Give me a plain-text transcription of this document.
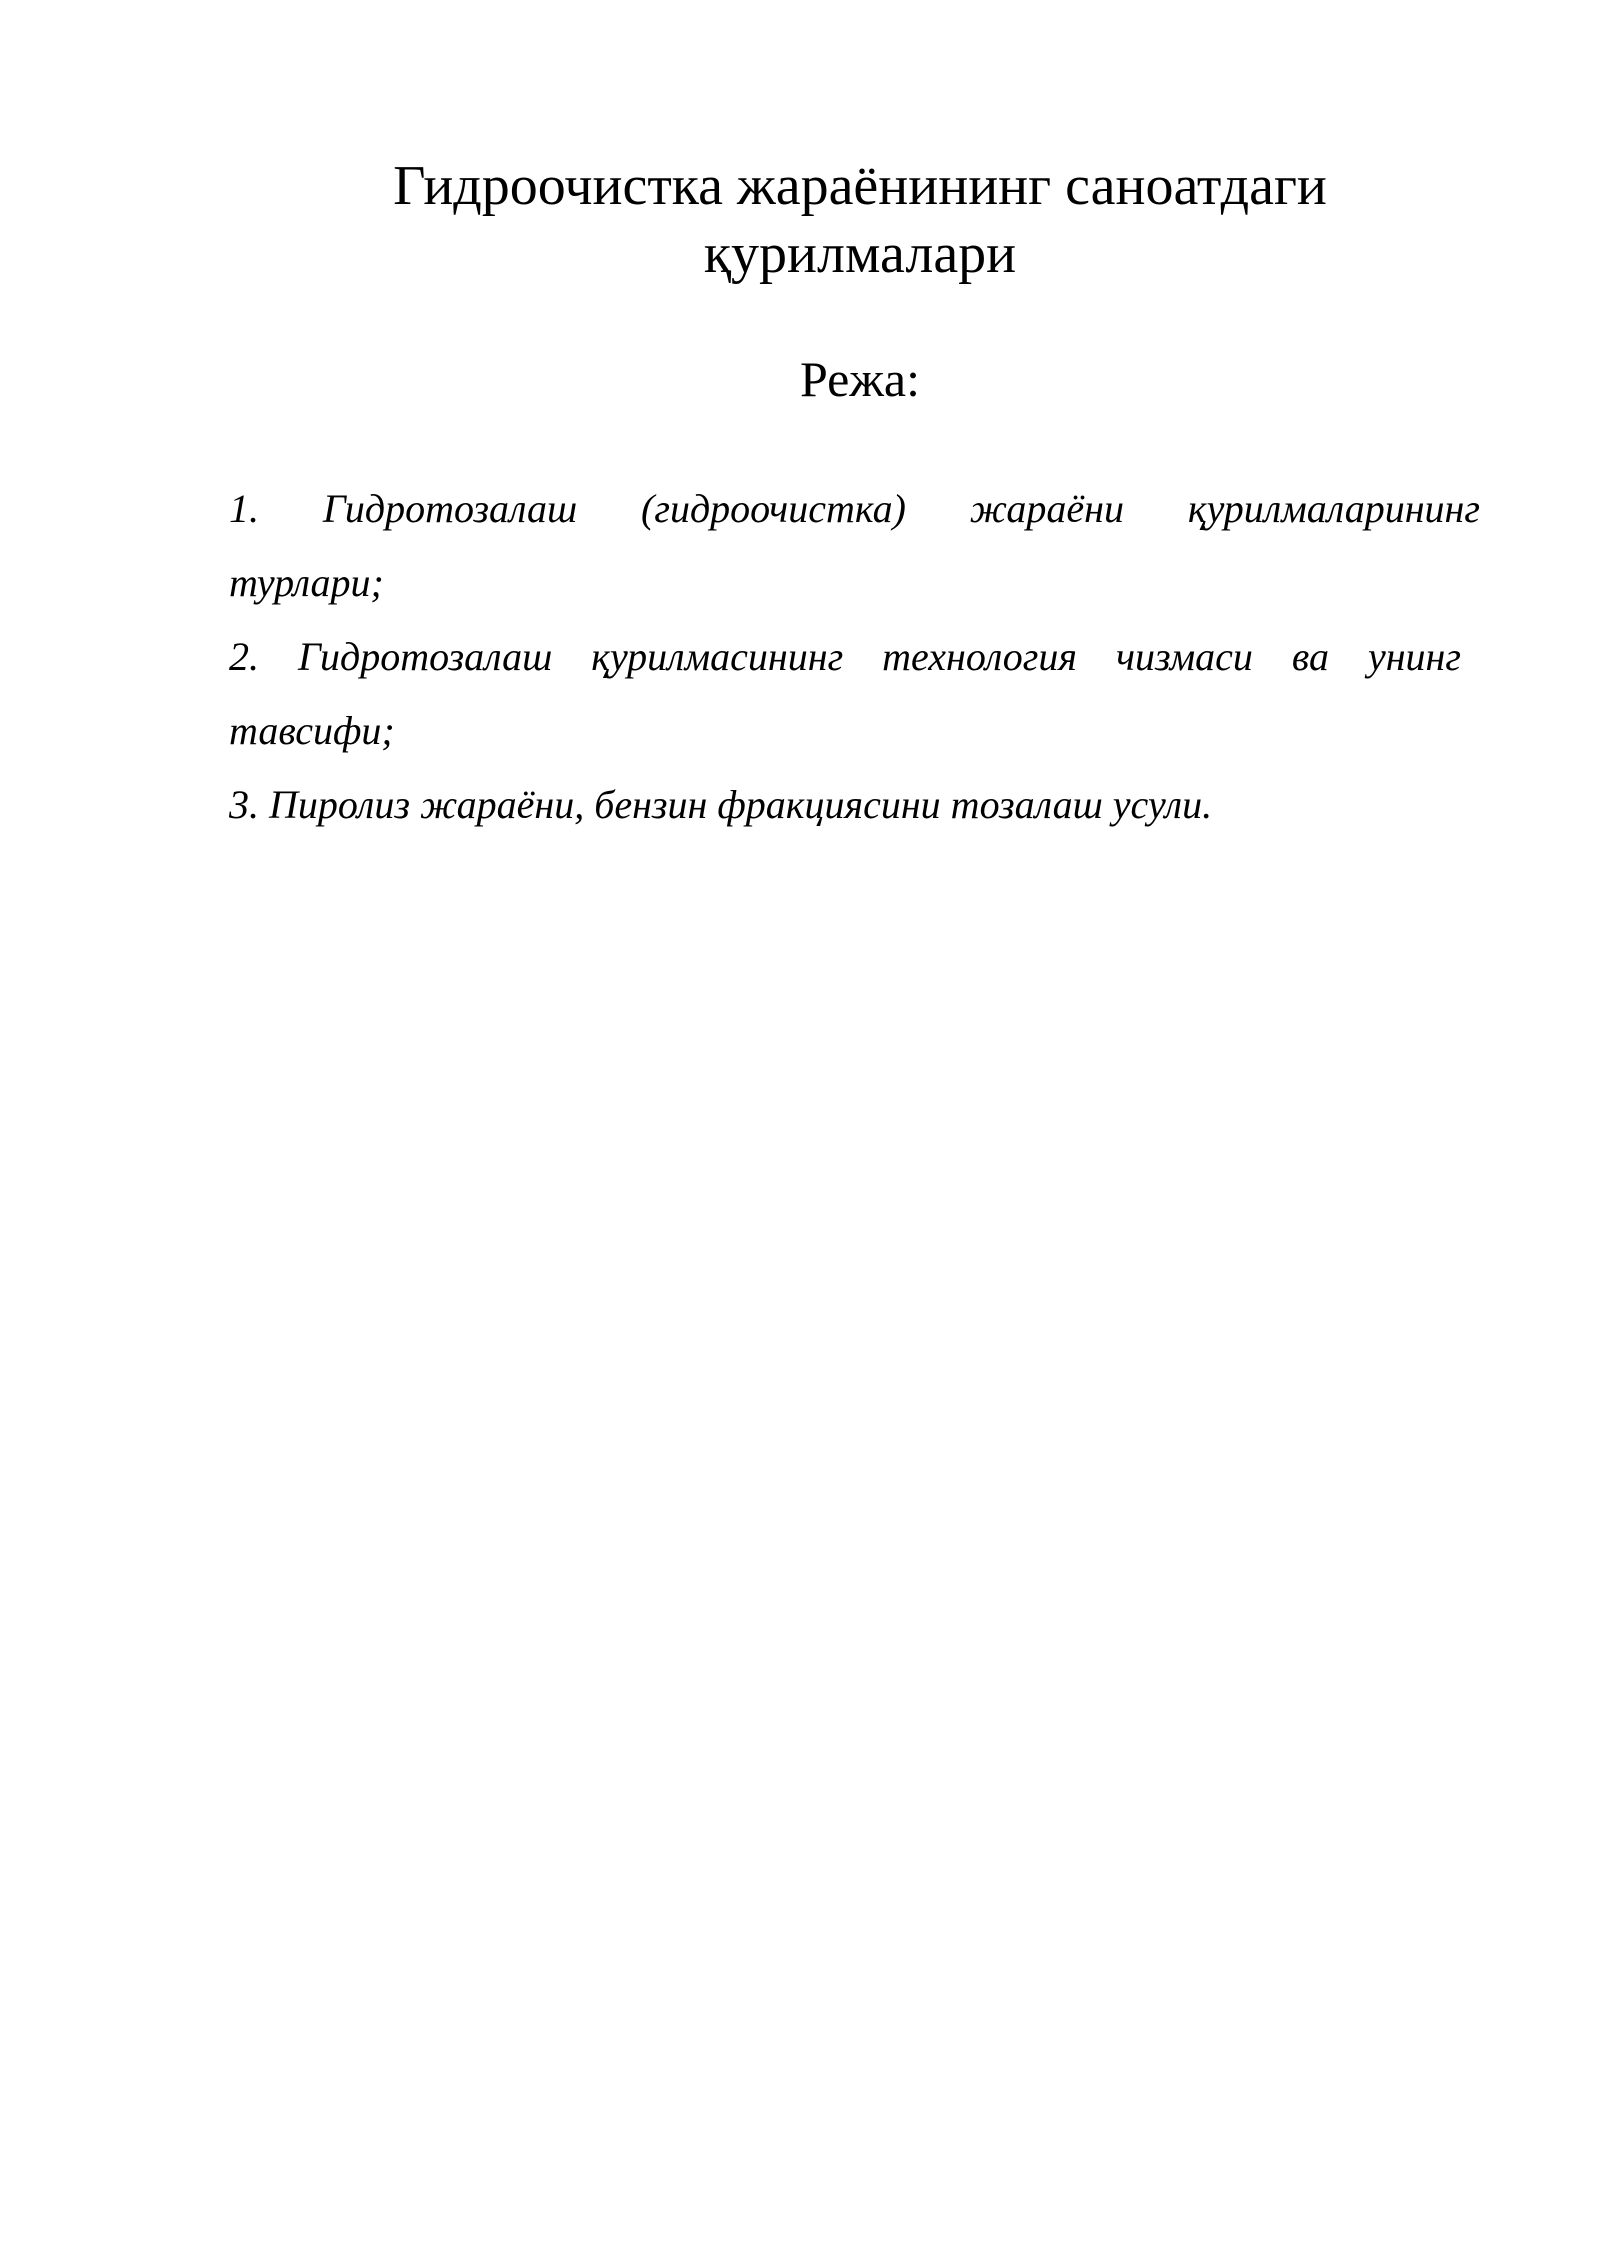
Гидроочистка жараёнининг саноатдаги
қурилмалари
Режа:
1. Гидротозалаш (гидроочистка) жараёни қурилмаларининг
турлари;
2. Гидротозалаш қурилмасининг технология чизмаси ва унинг
тавсифи;
3. Пиролиз жараёни, бензин фракциясини тозалаш усули.
